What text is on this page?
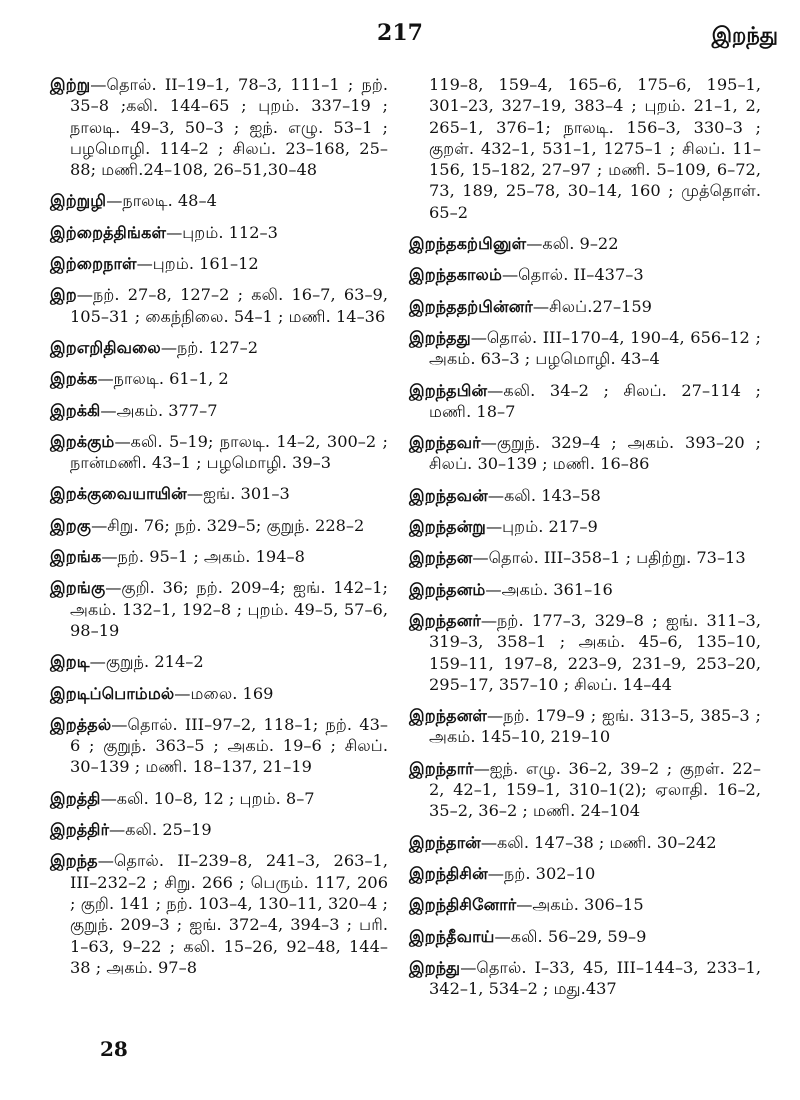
217	இறந்து
இற்று—தொல். II–19–1, 78–3, 111–1 ; நற். 35–8 ;கலி. 144–65 ; புறம். 337–19 ; நாலடி. 49–3, 50–3 ; ஐந். எழு. 53–1 ; பழமொழி. 114–2 ; சிலப். 23–168, 25–88; மணி.24–108, 26–51,30–48
இற்றுழி—நாலடி. 48–4
இற்றைத்திங்கள்—புறம். 112–3
இற்றைநாள்—புறம். 161–12
இற—நற். 27–8, 127–2 ; கலி. 16–7, 63–9, 105–31 ; கைந்நிலை. 54–1 ; மணி. 14–36
இறஎறிதிவலை—நற். 127–2
இறக்க—நாலடி. 61–1, 2
இறக்கி—அகம். 377–7
இறக்கும்—கலி. 5–19; நாலடி. 14–2, 300–2 ; நான்மணி. 43–1 ; பழமொழி. 39–3
இறக்குவையாயின்—ஐங். 301–3
இறகு—சிறு. 76; நற். 329–5; குறுந். 228–2
இறங்க—நற். 95–1 ; அகம். 194–8
இறங்கு—குறி. 36; நற். 209–4; ஐங். 142–1; அகம். 132–1, 192–8 ; புறம். 49–5, 57–6, 98–19
இறடி—குறுந். 214–2
இறடிப்பொம்மல்—மலை. 169
இறத்தல்—தொல். III–97–2, 118–1; நற். 43–6 ; குறுந். 363–5 ; அகம். 19–6 ; சிலப். 30–139 ; மணி. 18–137, 21–19
இறத்தி—கலி. 10–8, 12 ; புறம். 8–7
இறத்திர்—கலி. 25–19
இறந்த—தொல். II–239–8, 241–3, 263–1, III–232–2 ; சிறு. 266 ; பெரும். 117, 206 ; குறி. 141 ; நற். 103–4, 130–11, 320–4 ; குறுந். 209–3 ; ஐங். 372–4, 394–3 ; பரி. 1–63, 9–22 ; கலி. 15–26, 92–48, 144–38 ; அகம். 97–8
119–8, 159–4, 165–6, 175–6, 195–1, 301–23, 327–19, 383–4 ; புறம். 21–1, 2, 265–1, 376–1; நாலடி. 156–3, 330–3 ; குறள். 432–1, 531–1, 1275–1 ; சிலப். 11–156, 15–182, 27–97 ; மணி. 5–109, 6–72, 73, 189, 25–78, 30–14, 160 ; முத்தொள். 65–2
இறந்தகற்பினுள்—கலி. 9–22
இறந்தகாலம்—தொல். II–437–3
இறந்ததற்பின்னர்—சிலப்.27–159
இறந்தது—தொல். III–170–4, 190–4, 656–12 ; அகம். 63–3 ; பழமொழி. 43–4
இறந்தபின்—கலி. 34–2 ; சிலப். 27–114 ; மணி. 18–7
இறந்தவர்—குறுந். 329–4 ; அகம். 393–20 ; சிலப். 30–139 ; மணி. 16–86
இறந்தவன்—கலி. 143–58
இறந்தன்று—புறம். 217–9
இறந்தன—தொல். III–358–1 ; பதிற்று. 73–13
இறந்தனம்—அகம். 361–16
இறந்தனர்—நற். 177–3, 329–8 ; ஐங். 311–3, 319–3, 358–1 ; அகம். 45–6, 135–10, 159–11, 197–8, 223–9, 231–9, 253–20, 295–17, 357–10 ; சிலப். 14–44
இறந்தனள்—நற். 179–9 ; ஐங். 313–5, 385–3 ; அகம். 145–10, 219–10
இறந்தார்—ஐந். எழு. 36–2, 39–2 ; குறள். 22–2, 42–1, 159–1, 310–1(2); ஏலாதி. 16–2, 35–2, 36–2 ; மணி. 24–104
இறந்தான்—கலி. 147–38 ; மணி. 30–242
இறந்திசின்—நற். 302–10
இறந்திசினோர்—அகம். 306–15
இறந்தீவாய்—கலி. 56–29, 59–9
இறந்து—தொல். I–33, 45, III–144–3, 233–1, 342–1, 534–2 ; மது.437
28
